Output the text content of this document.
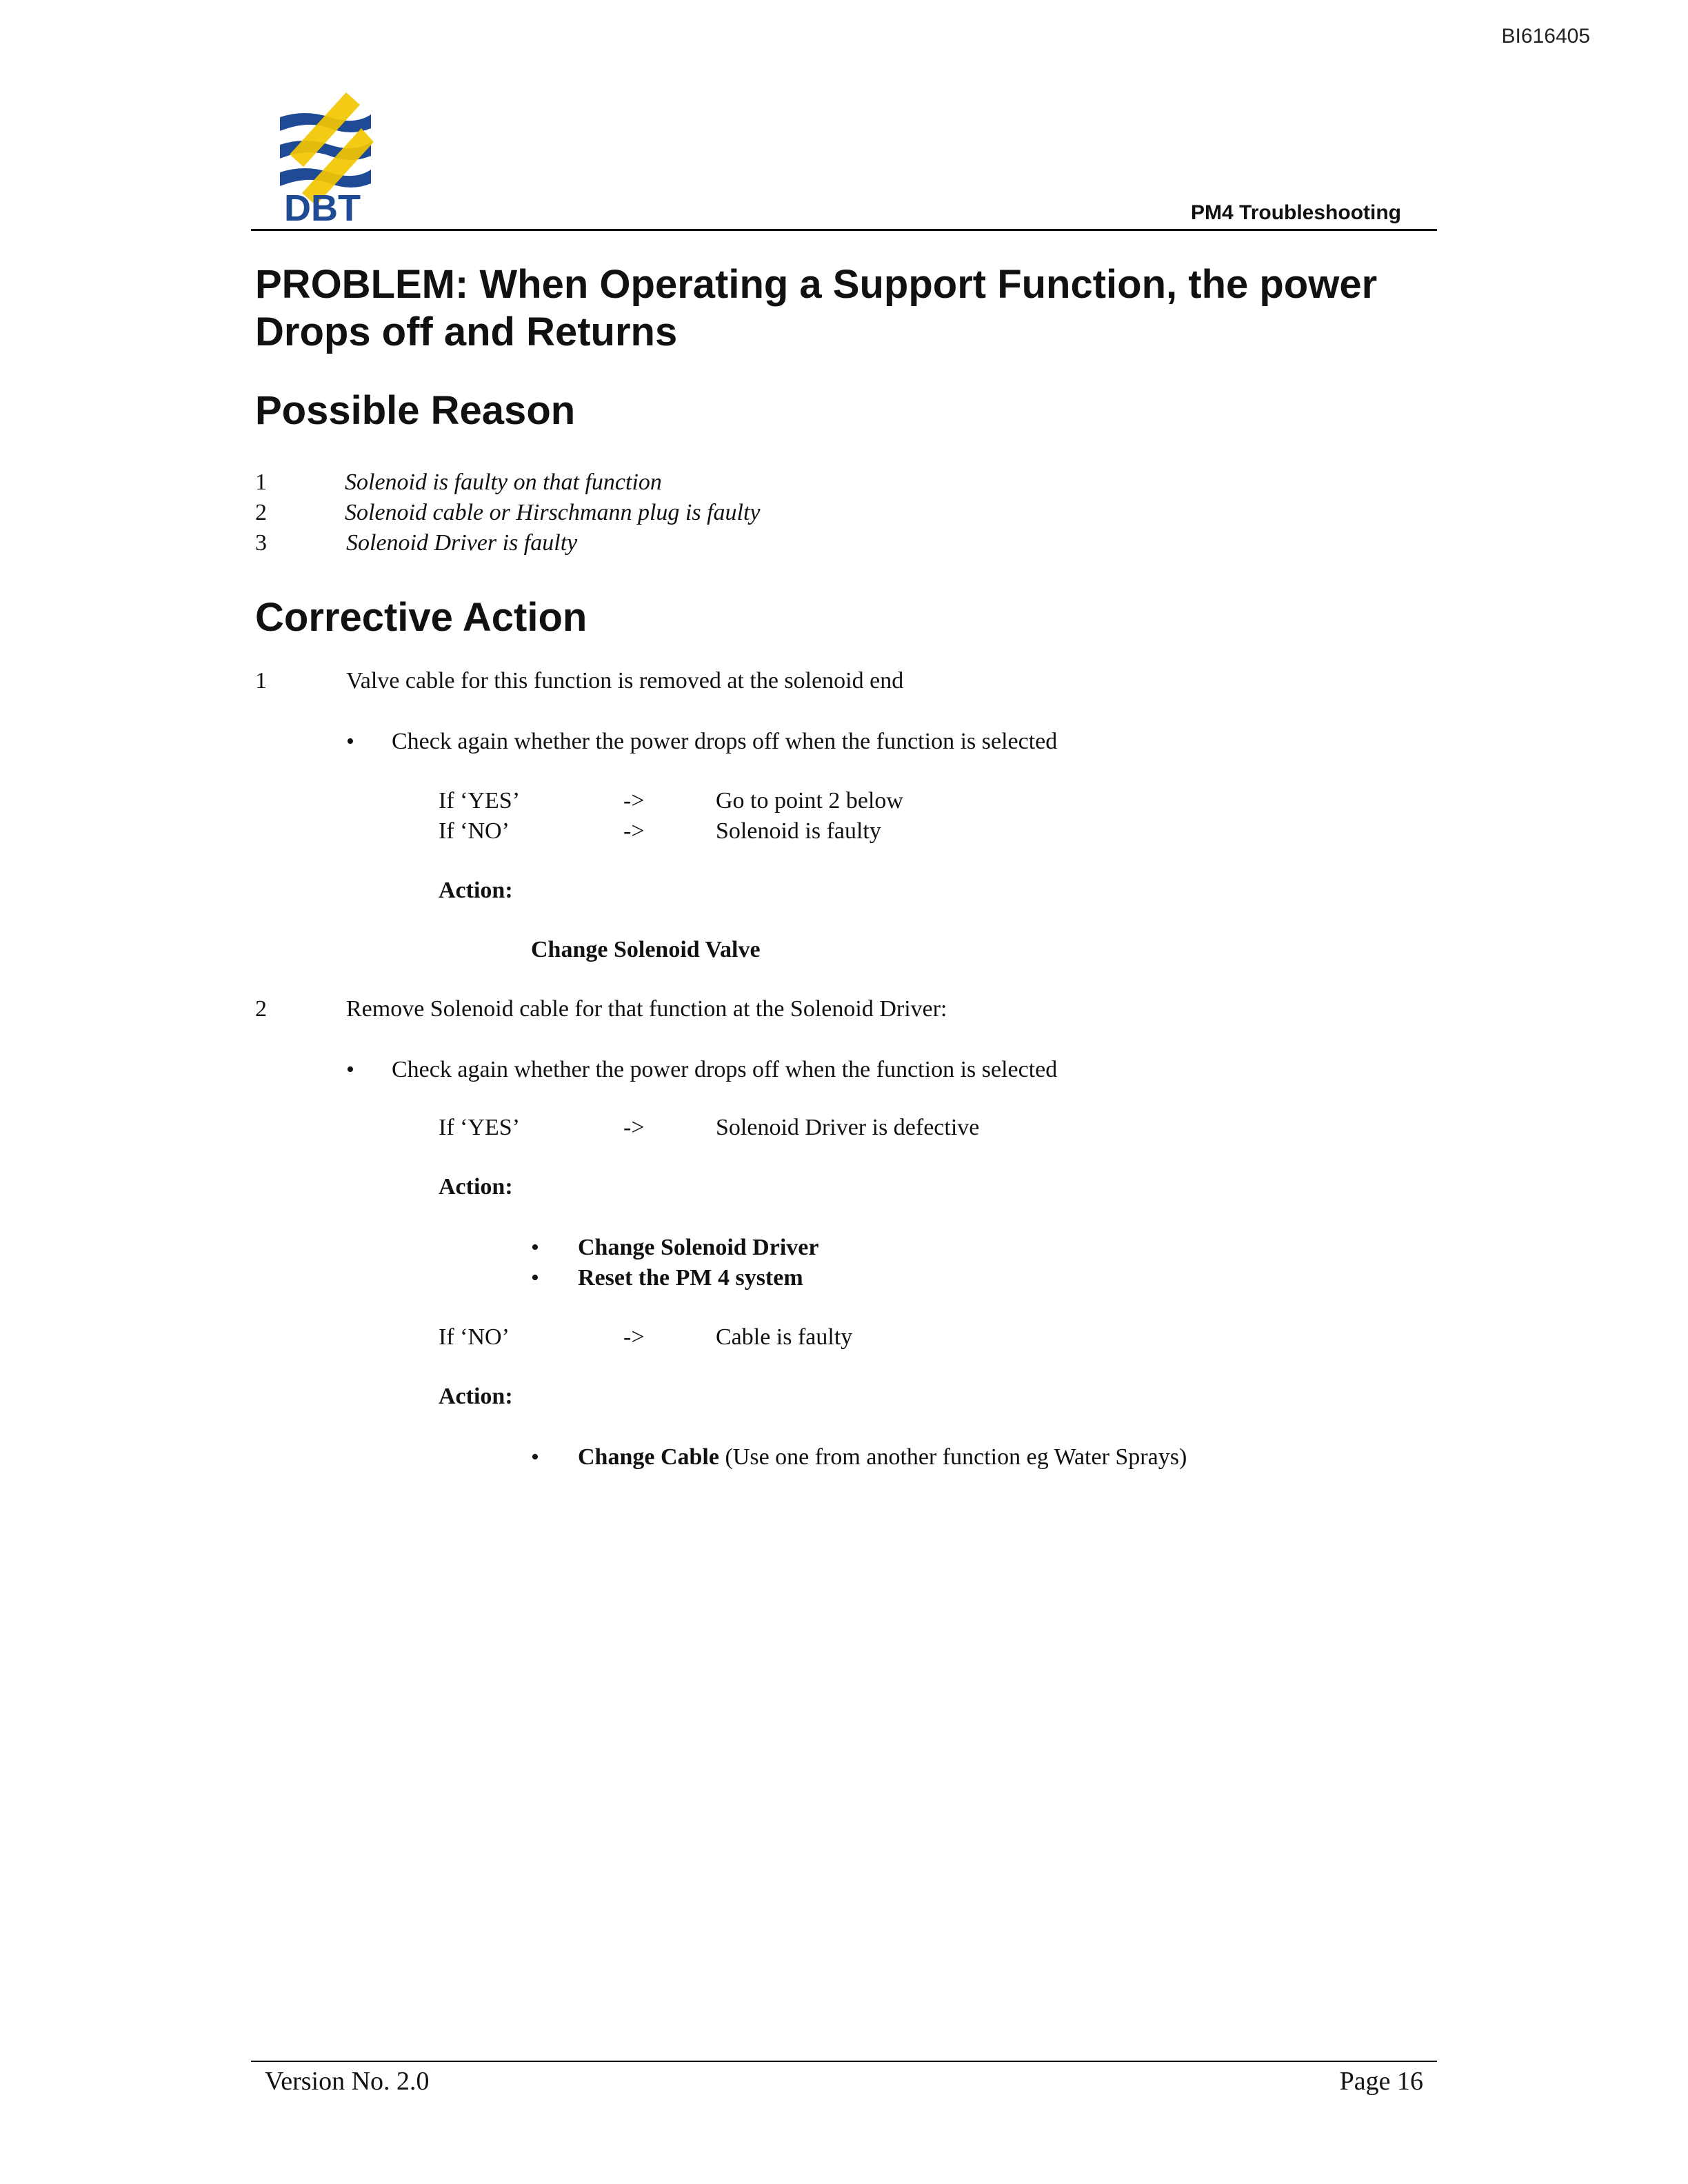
BI616405
DBT	PM4 Troubleshooting
PROBLEM: When Operating a Support Function, the power Drops off and Returns
Possible Reason
1	Solenoid is faulty on that function
2	Solenoid cable or Hirschmann plug is faulty
3	Solenoid Driver is faulty
Corrective Action
1	Valve cable for this function is removed at the solenoid end
• Check again whether the power drops off when the function is selected
If ‘YES’	->	Go to point 2 below
If ‘NO’	->	Solenoid is faulty
Action:
Change Solenoid Valve
2	Remove Solenoid cable for that function at the Solenoid Driver:
• Check again whether the power drops off when the function is selected
If ‘YES’	->	Solenoid Driver is defective
Action:
• Change Solenoid Driver
• Reset the PM 4 system
If ‘NO’	->	Cable is faulty
Action:
• Change Cable (Use one from another function eg Water Sprays)
Version No. 2.0	Page 16
